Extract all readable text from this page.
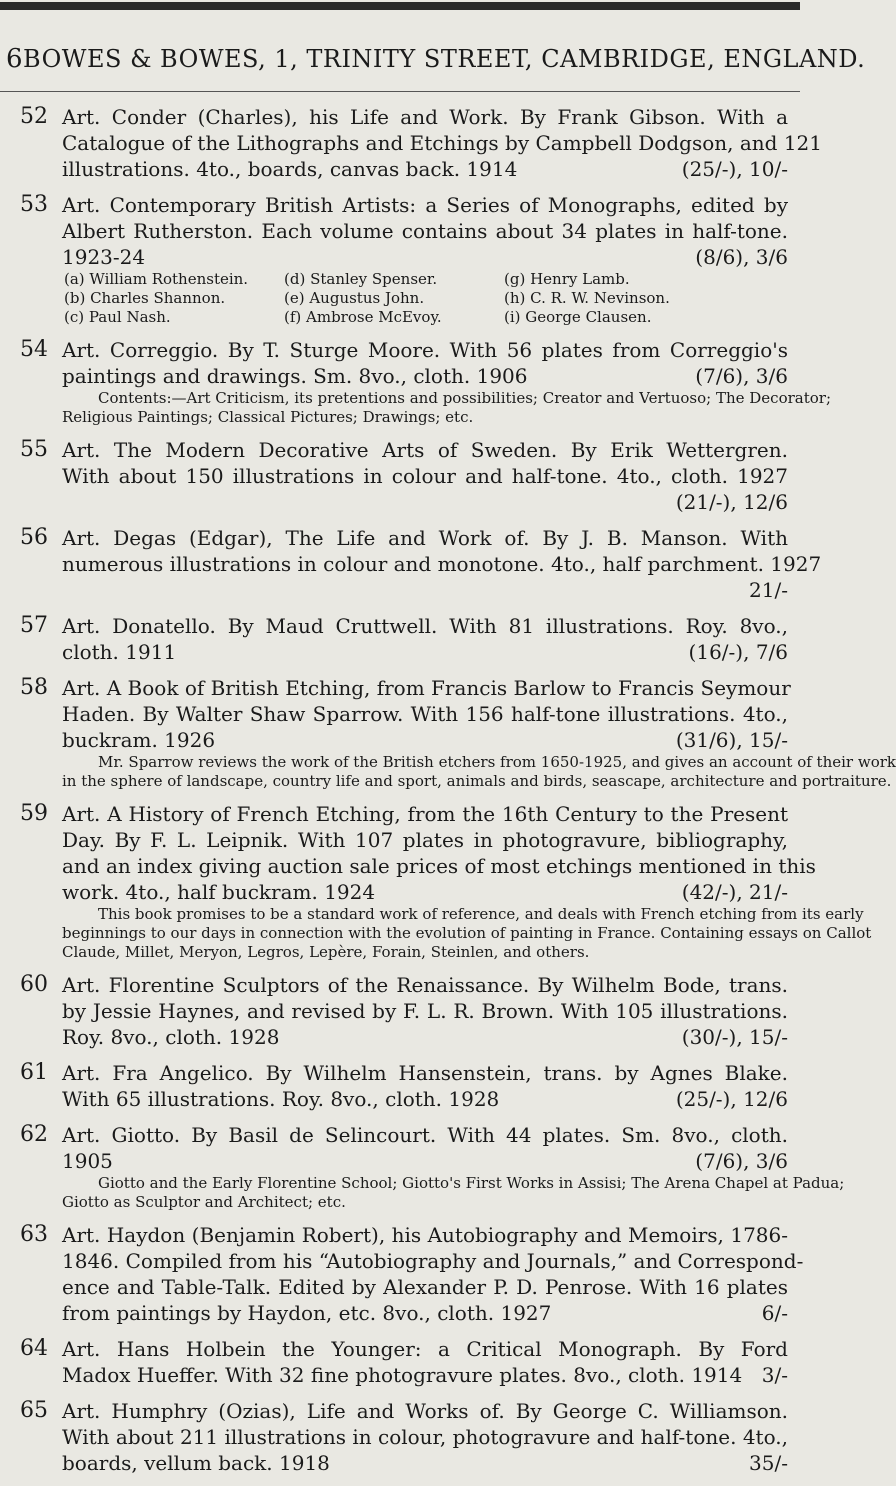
6 BOWES & BOWES, 1, TRINITY STREET, CAMBRIDGE, ENGLAND.
52 Art. Conder (Charles), his Life and Work. By Frank Gibson. With a
Catalogue of the Lithographs and Etchings by Campbell Dodgson, and 121
illustrations. 4to., boards, canvas back. 1914	(25/-), 10/-
53 Art. Contemporary British Artists: a Series of Monographs, edited by
Albert Rutherston. Each volume contains about 34 plates in half-tone.
1923-24	(8/6), 3/6
(a) William Rothenstein.	(d) Stanley Spenser.	(g) Henry Lamb.
(b) Charles Shannon.	(e) Augustus John.	(h) C. R. W. Nevinson.
(c) Paul Nash.	(f) Ambrose McEvoy.	(i) George Clausen.
54 Art. Correggio. By T. Sturge Moore. With 56 plates from Correggio's
paintings and drawings. Sm. 8vo., cloth. 1906	(7/6), 3/6
Contents:—Art Criticism, its pretentions and possibilities; Creator and Vertuoso; The Decorator;
Religious Paintings; Classical Pictures; Drawings; etc.
55 Art. The Modern Decorative Arts of Sweden. By Erik Wettergren.
With about 150 illustrations in colour and half-tone. 4to., cloth. 1927
(21/-), 12/6
56 Art. Degas (Edgar), The Life and Work of. By J. B. Manson. With
numerous illustrations in colour and monotone. 4to., half parchment. 1927
21/-
57 Art. Donatello. By Maud Cruttwell. With 81 illustrations. Roy. 8vo.,
cloth. 1911	(16/-), 7/6
58 Art. A Book of British Etching, from Francis Barlow to Francis Seymour
Haden. By Walter Shaw Sparrow. With 156 half-tone illustrations. 4to.,
buckram. 1926	(31/6), 15/-
Mr. Sparrow reviews the work of the British etchers from 1650-1925, and gives an account of their work
in the sphere of landscape, country life and sport, animals and birds, seascape, architecture and portraiture.
59 Art. A History of French Etching, from the 16th Century to the Present
Day. By F. L. Leipnik. With 107 plates in photogravure, bibliography,
and an index giving auction sale prices of most etchings mentioned in this
work. 4to., half buckram. 1924	(42/-), 21/-
This book promises to be a standard work of reference, and deals with French etching from its early
beginnings to our days in connection with the evolution of painting in France. Containing essays on Callot
Claude, Millet, Meryon, Legros, Lepère, Forain, Steinlen, and others.
60 Art. Florentine Sculptors of the Renaissance. By Wilhelm Bode, trans.
by Jessie Haynes, and revised by F. L. R. Brown. With 105 illustrations.
Roy. 8vo., cloth. 1928	(30/-), 15/-
61 Art. Fra Angelico. By Wilhelm Hansenstein, trans. by Agnes Blake.
With 65 illustrations. Roy. 8vo., cloth. 1928	(25/-), 12/6
62 Art. Giotto. By Basil de Selincourt. With 44 plates. Sm. 8vo., cloth.
1905	(7/6), 3/6
Giotto and the Early Florentine School; Giotto's First Works in Assisi; The Arena Chapel at Padua;
Giotto as Sculptor and Architect; etc.
63 Art. Haydon (Benjamin Robert), his Autobiography and Memoirs, 1786-
1846. Compiled from his “Autobiography and Journals,” and Correspond-
ence and Table-Talk. Edited by Alexander P. D. Penrose. With 16 plates
from paintings by Haydon, etc. 8vo., cloth. 1927	6/-
64 Art. Hans Holbein the Younger: a Critical Monograph. By Ford
Madox Hueffer. With 32 fine photogravure plates. 8vo., cloth. 1914 3/-
65 Art. Humphry (Ozias), Life and Works of. By George C. Williamson.
With about 211 illustrations in colour, photogravure and half-tone. 4to.,
boards, vellum back. 1918	35/-
